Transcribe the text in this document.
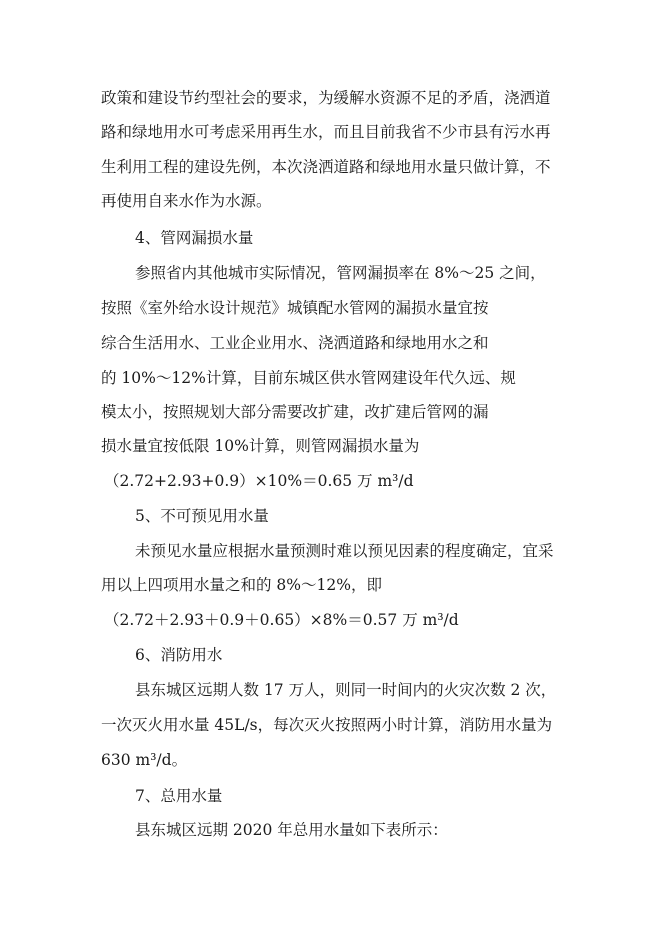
政策和建设节约型社会的要求，为缓解水资源不足的矛盾，浇洒道
路和绿地用水可考虑采用再生水，而且目前我省不少市县有污水再
生利用工程的建设先例，本次浇洒道路和绿地用水量只做计算，不
再使用自来水作为水源。
4、管网漏损水量
参照省内其他城市实际情况，管网漏损率在 8%～25 之间，
按照《室外给水设计规范》城镇配水管网的漏损水量宜按
综合生活用水、工业企业用水、浇洒道路和绿地用水之和
的 10%～12%计算，目前东城区供水管网建设年代久远、规
模太小，按照规划大部分需要改扩建，改扩建后管网的漏
损水量宜按低限 10%计算，则管网漏损水量为
（2.72+2.93+0.9）×10%＝0.65 万 m³/d
5、不可预见用水量
未预见水量应根据水量预测时难以预见因素的程度确定，宜采
用以上四项用水量之和的 8%～12%，即
（2.72＋2.93＋0.9＋0.65）×8%＝0.57 万 m³/d
6、消防用水
县东城区远期人数 17 万人，则同一时间内的火灾次数 2 次，
一次灭火用水量 45L/s，每次灭火按照两小时计算，消防用水量为
630 m³/d。
7、总用水量
县东城区远期 2020 年总用水量如下表所示：
